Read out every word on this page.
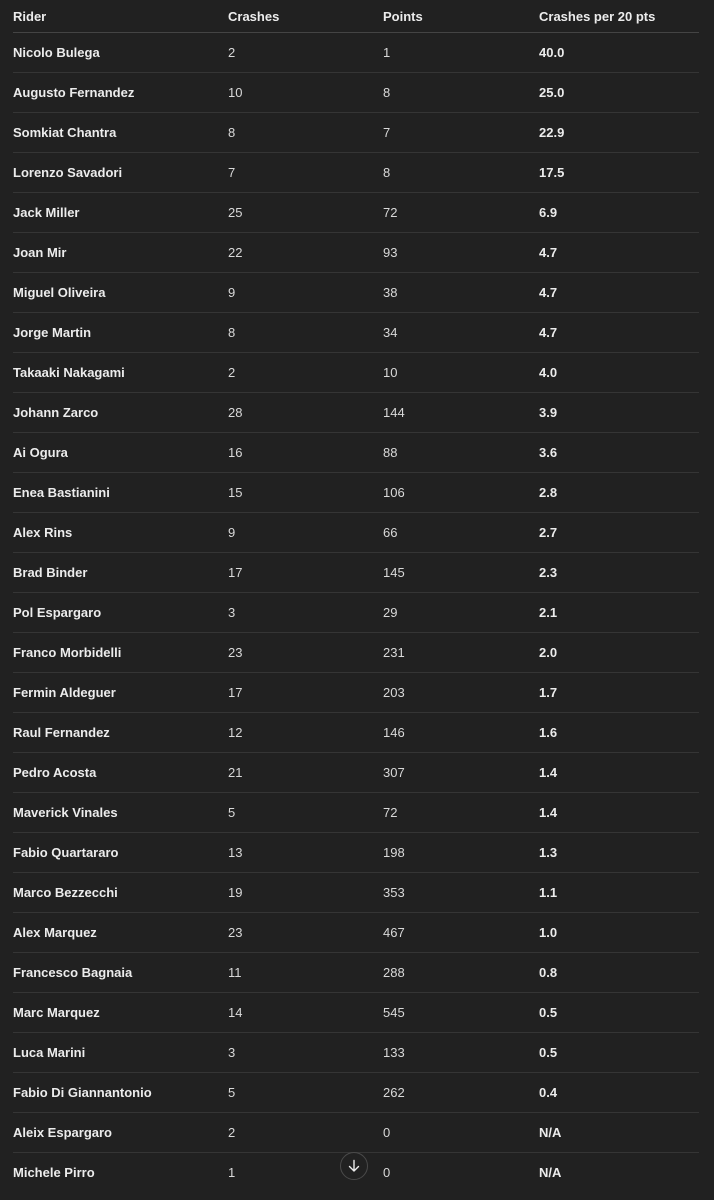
Rider	Crashes	Points	Crashes per 20 pts
Nicolo Bulega	2	1	40.0
Augusto Fernandez	10	8	25.0
Somkiat Chantra	8	7	22.9
Lorenzo Savadori	7	8	17.5
Jack Miller	25	72	6.9
Joan Mir	22	93	4.7
Miguel Oliveira	9	38	4.7
Jorge Martin	8	34	4.7
Takaaki Nakagami	2	10	4.0
Johann Zarco	28	144	3.9
Ai Ogura	16	88	3.6
Enea Bastianini	15	106	2.8
Alex Rins	9	66	2.7
Brad Binder	17	145	2.3
Pol Espargaro	3	29	2.1
Franco Morbidelli	23	231	2.0
Fermin Aldeguer	17	203	1.7
Raul Fernandez	12	146	1.6
Pedro Acosta	21	307	1.4
Maverick Vinales	5	72	1.4
Fabio Quartararo	13	198	1.3
Marco Bezzecchi	19	353	1.1
Alex Marquez	23	467	1.0
Francesco Bagnaia	11	288	0.8
Marc Marquez	14	545	0.5
Luca Marini	3	133	0.5
Fabio Di Giannantonio	5	262	0.4
Aleix Espargaro	2	0	N/A
Michele Pirro	1	0	N/A
